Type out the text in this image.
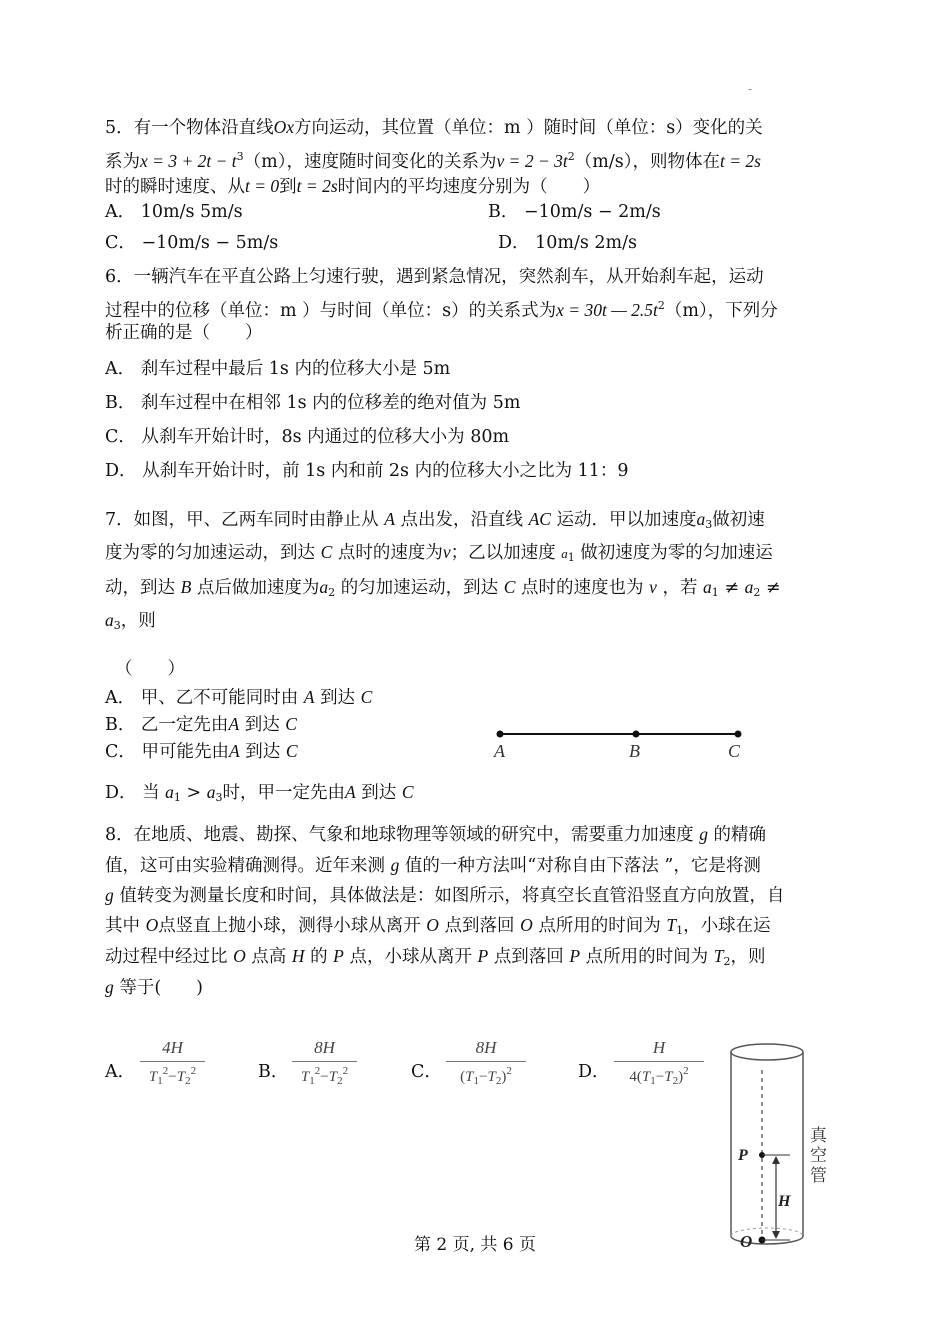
-
5．有一个物体沿直线Ox方向运动，其位置（单位：m ）随时间（单位：s）变化的关
系为$x = 3 + 2t - t^3(m)$，速度随时间变化的关系为$v = 2 - 3t^2(m/s)$，则物体在t = 2s
时的瞬时速度、从t = 0到t = 2s时间内的平均速度分别为（　　）
A． 10m/s 5m/s	B． −10m/s − 2m/s
C． −10m/s − 5m/s	D． 10m/s 2m/s
6．一辆汽车在平直公路上匀速行驶，遇到紧急情况，突然刹车，从开始刹车起，运动
过程中的位移（单位：m ）与时间（单位：s）的关系式为x = 30t — $2.5t^2(m)$，下列分
析正确的是（　　）
A． 刹车过程中最后 1s 内的位移大小是 5m
B． 刹车过程中在相邻 1s 内的位移差的绝对值为 5m
C． 从刹车开始计时，8s 内通过的位移大小为 80m
D． 从刹车开始计时，前 1s 内和前 2s 内的位移大小之比为 11：9
7．如图，甲、乙两车同时由静止从 A 点出发，沿直线 AC 运动．甲以加速度$a_3$做初速
度为零的匀加速运动，到达 C 点时的速度为v；乙以加速度 $a_1$ 做初速度为零的匀加速运
动，到达 B 点后做加速度为$a_2$ 的匀加速运动，到达 C 点时的速度也为 v ，若 $a_1 \ne a_2$ ≠
$a_3$，则
（　　）
A． 甲、乙不可能同时由 A 到达 C
B． 乙一定先由A 到达 C
C． 甲可能先由A 到达 C
D． 当 $a_1 > a_3$时，甲一定先由A 到达 C
A	B	C
8．在地质、地震、勘探、气象和地球物理等领域的研究中，需要重力加速度 g 的精确
值，这可由实验精确测得。近年来测 g 值的一种方法叫“对称自由下落法 ”，它是将测
g 值转变为测量长度和时间，具体做法是：如图所示，将真空长直管沿竖直方向放置，自
其中 O点竖直上抛小球，测得小球从离开 O 点到落回 O 点所用的时间为 $T_1$，小球在运
动过程中经过比 O 点高 H 的 P 点，小球从离开 P 点到落回 P 点所用的时间为 $T_2$，则
g 等于(　　)
A． $\frac{4H}{T_1^2-T_2^2}$	B． $\frac{8H}{T_1^2-T_2^2}$	C． $\frac{8H}{(T_1-T_2)^2}$	D． $\frac{H}{4(T_1-T_2)^2}$
P
H
O
真
空
管
第 2 页, 共 6 页
